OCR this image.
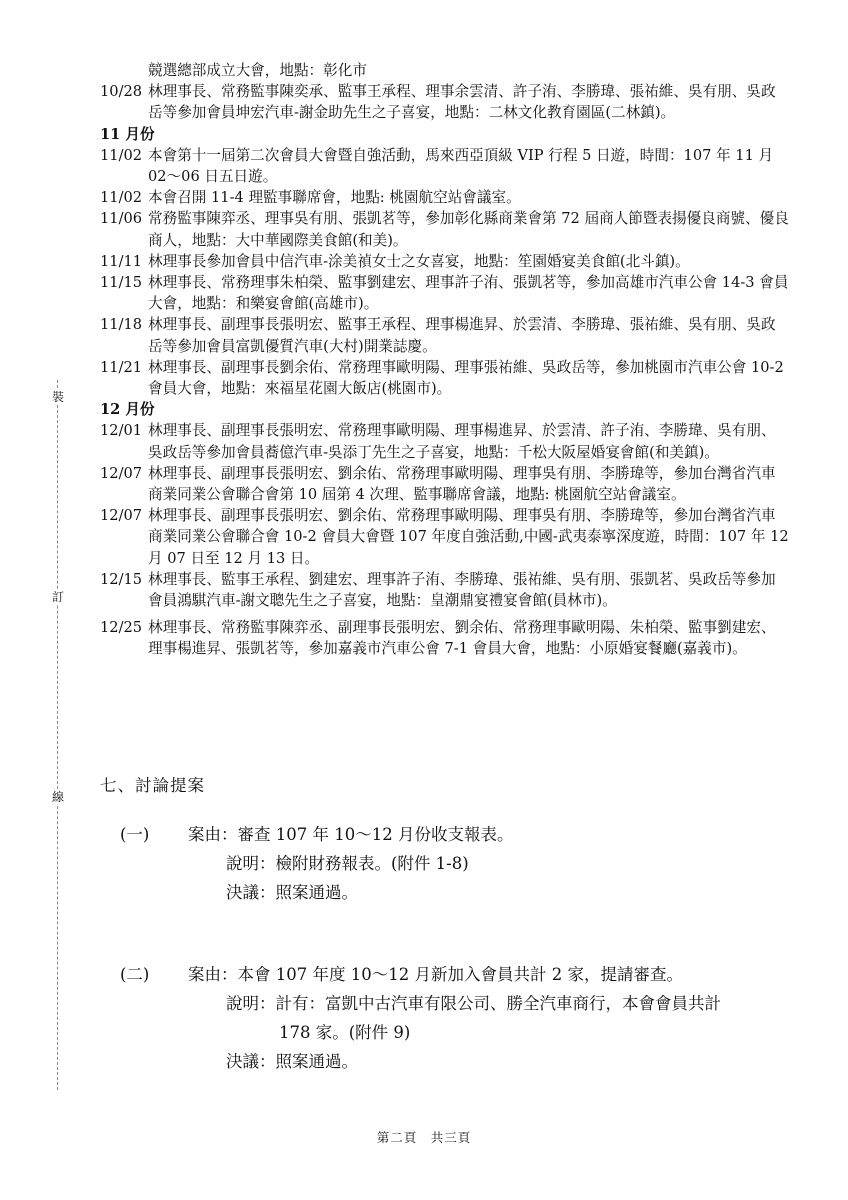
裝
訂
線
競選總部成立大會，地點：彰化市
10/28 林理事長、常務監事陳奕承、監事王承程、理事余雲清、許子洧、李勝瑋、張祐維、吳有朋、吳政岳等參加會員坤宏汽車-謝金助先生之子喜宴，地點：二林文化教育園區(二林鎮)。
11 月份
11/02 本會第十一屆第二次會員大會暨自強活動，馬來西亞頂級 VIP 行程 5 日遊，時間：107 年 11 月 02～06 日五日遊。
11/02 本會召開 11-4 理監事聯席會，地點: 桃園航空站會議室。
11/06 常務監事陳弈丞、理事吳有朋、張凱茗等，參加彰化縣商業會第 72 屆商人節暨表揚優良商號、優良商人，地點：大中華國際美食館(和美)。
11/11 林理事長參加會員中信汽車-涂美禎女士之女喜宴，地點：笙園婚宴美食館(北斗鎮)。
11/15 林理事長、常務理事朱柏榮、監事劉建宏、理事許子洧、張凱茗等，參加高雄市汽車公會 14-3 會員大會，地點：和樂宴會館(高雄市)。
11/18 林理事長、副理事長張明宏、監事王承程、理事楊進昇、於雲清、李勝瑋、張祐維、吳有朋、吳政岳等參加會員富凱優質汽車(大村)開業誌慶。
11/21 林理事長、副理事長劉余佑、常務理事歐明陽、理事張祐維、吳政岳等，參加桃園市汽車公會 10-2 會員大會，地點：來福星花園大飯店(桃園市)。
12 月份
12/01 林理事長、副理事長張明宏、常務理事歐明陽、理事楊進昇、於雲清、許子洧、李勝瑋、吳有朋、吳政岳等參加會員蕎億汽車-吳添丁先生之子喜宴，地點：千松大阪屋婚宴會館(和美鎮)。
12/07 林理事長、副理事長張明宏、劉余佑、常務理事歐明陽、理事吳有朋、李勝瑋等，參加台灣省汽車商業同業公會聯合會第 10 屆第 4 次理、監事聯席會議，地點: 桃園航空站會議室。
12/07 林理事長、副理事長張明宏、劉余佑、常務理事歐明陽、理事吳有朋、李勝瑋等，參加台灣省汽車商業同業公會聯合會 10-2 會員大會暨 107 年度自強活動,中國-武夷泰寧深度遊，時間：107 年 12 月 07 日至 12 月 13 日。
12/15 林理事長、監事王承程、劉建宏、理事許子洧、李勝瑋、張祐維、吳有朋、張凱茗、吳政岳等參加會員鴻騏汽車-謝文聰先生之子喜宴，地點：皇潮鼎宴禮宴會館(員林市)。
12/25 林理事長、常務監事陳弈丞、副理事長張明宏、劉余佑、常務理事歐明陽、朱柏榮、監事劉建宏、理事楊進昇、張凱茗等，參加嘉義市汽車公會 7-1 會員大會，地點：小原婚宴餐廳(嘉義市)。
七、討論提案
(一)	案由： 審查 107 年 10～12 月份收支報表。
說明： 檢附財務報表。(附件 1-8)
決議： 照案通過。
(二)	案由： 本會 107 年度 10～12 月新加入會員共計 2 家，提請審查。
說明： 計有：富凱中古汽車有限公司、勝全汽車商行，本會會員共計
178 家。(附件 9)
決議： 照案通過。
第二頁　共三頁
